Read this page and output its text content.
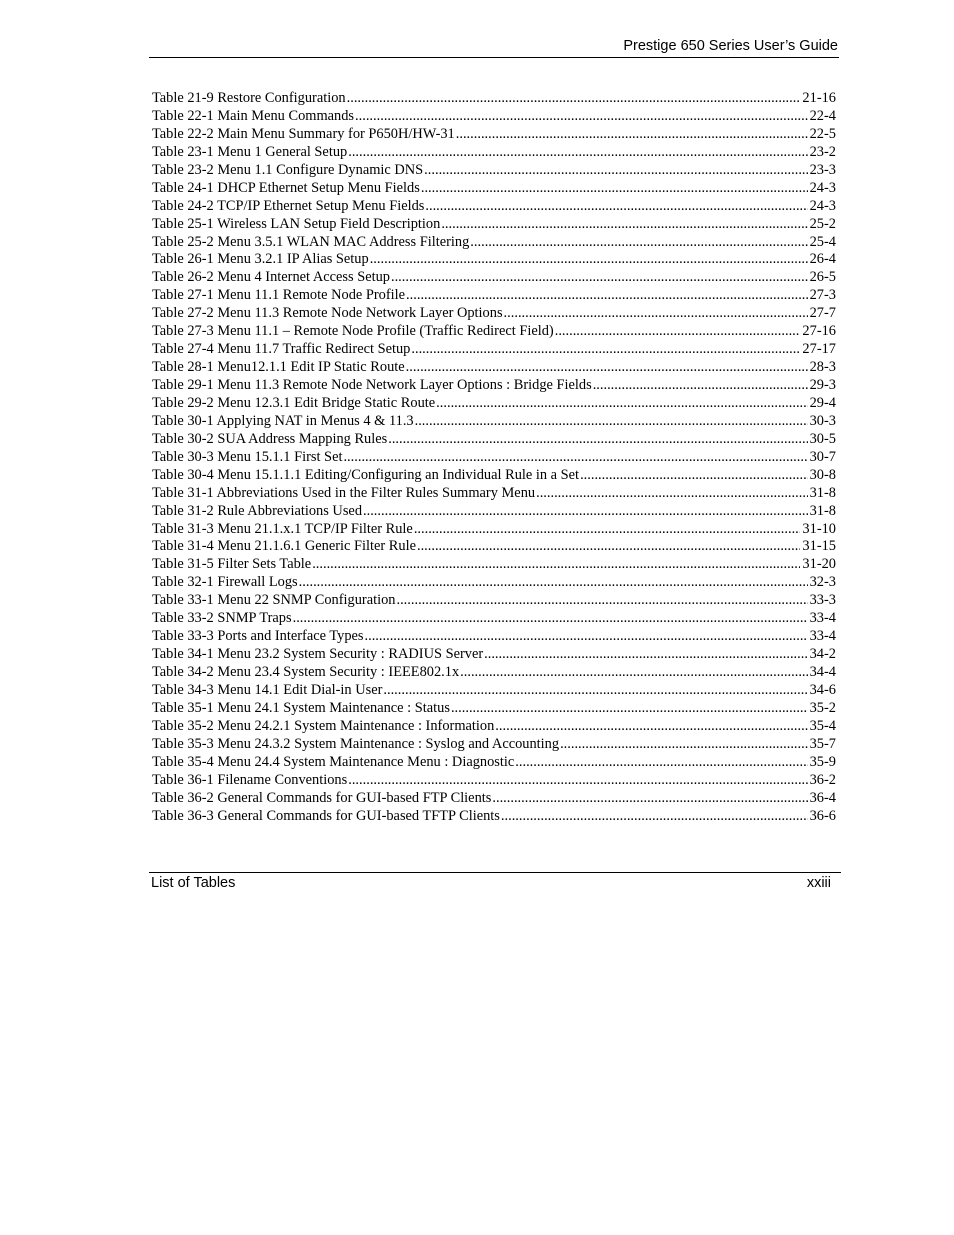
Prestige 650 Series User’s Guide
Table 21-9 Restore Configuration .....	21-16
Table 22-1 Main Menu Commands .....	22-4
Table 22-2 Main Menu Summary for P650H/HW-31 .....	22-5
Table 23-1 Menu 1 General Setup .....	23-2
Table 23-2 Menu 1.1 Configure Dynamic DNS .....	23-3
Table 24-1 DHCP Ethernet Setup Menu Fields .....	24-3
Table 24-2 TCP/IP Ethernet Setup Menu Fields .....	24-3
Table 25-1 Wireless LAN Setup Field Description .....	25-2
Table 25-2 Menu 3.5.1 WLAN MAC Address Filtering .....	25-4
Table 26-1 Menu 3.2.1 IP Alias Setup .....	26-4
Table 26-2 Menu 4 Internet Access Setup .....	26-5
Table 27-1 Menu 11.1 Remote Node Profile .....	27-3
Table 27-2 Menu 11.3 Remote Node Network Layer Options .....	27-7
Table 27-3 Menu 11.1 – Remote Node Profile (Traffic Redirect Field) .....	27-16
Table 27-4 Menu 11.7 Traffic Redirect Setup .....	27-17
Table 28-1 Menu12.1.1 Edit IP Static Route .....	28-3
Table 29-1 Menu 11.3 Remote Node Network Layer Options : Bridge Fields .....	29-3
Table 29-2 Menu 12.3.1 Edit Bridge Static Route .....	29-4
Table 30-1 Applying NAT in Menus 4 & 11.3 .....	30-3
Table 30-2 SUA Address Mapping Rules .....	30-5
Table 30-3 Menu 15.1.1 First Set .....	30-7
Table 30-4 Menu 15.1.1.1 Editing/Configuring an Individual Rule in a Set .....	30-8
Table 31-1 Abbreviations Used in the Filter Rules Summary Menu .....	31-8
Table 31-2 Rule Abbreviations Used .....	31-8
Table 31-3 Menu 21.1.x.1 TCP/IP Filter Rule .....	31-10
Table 31-4 Menu 21.1.6.1 Generic Filter Rule .....	31-15
Table 31-5 Filter Sets Table .....	31-20
Table 32-1 Firewall Logs .....	32-3
Table 33-1 Menu 22 SNMP Configuration .....	33-3
Table 33-2 SNMP Traps .....	33-4
Table 33-3 Ports and Interface Types .....	33-4
Table 34-1 Menu 23.2 System Security : RADIUS Server .....	34-2
Table 34-2 Menu 23.4 System Security : IEEE802.1x .....	34-4
Table 34-3 Menu 14.1 Edit Dial-in User .....	34-6
Table 35-1 Menu 24.1 System Maintenance : Status .....	35-2
Table 35-2 Menu 24.2.1 System Maintenance : Information .....	35-4
Table 35-3 Menu 24.3.2 System Maintenance : Syslog and Accounting .....	35-7
Table 35-4 Menu 24.4 System Maintenance Menu : Diagnostic .....	35-9
Table 36-1 Filename Conventions .....	36-2
Table 36-2 General Commands for GUI-based FTP Clients .....	36-4
Table 36-3 General Commands for GUI-based TFTP Clients .....	36-6
List of Tables	xxiii
